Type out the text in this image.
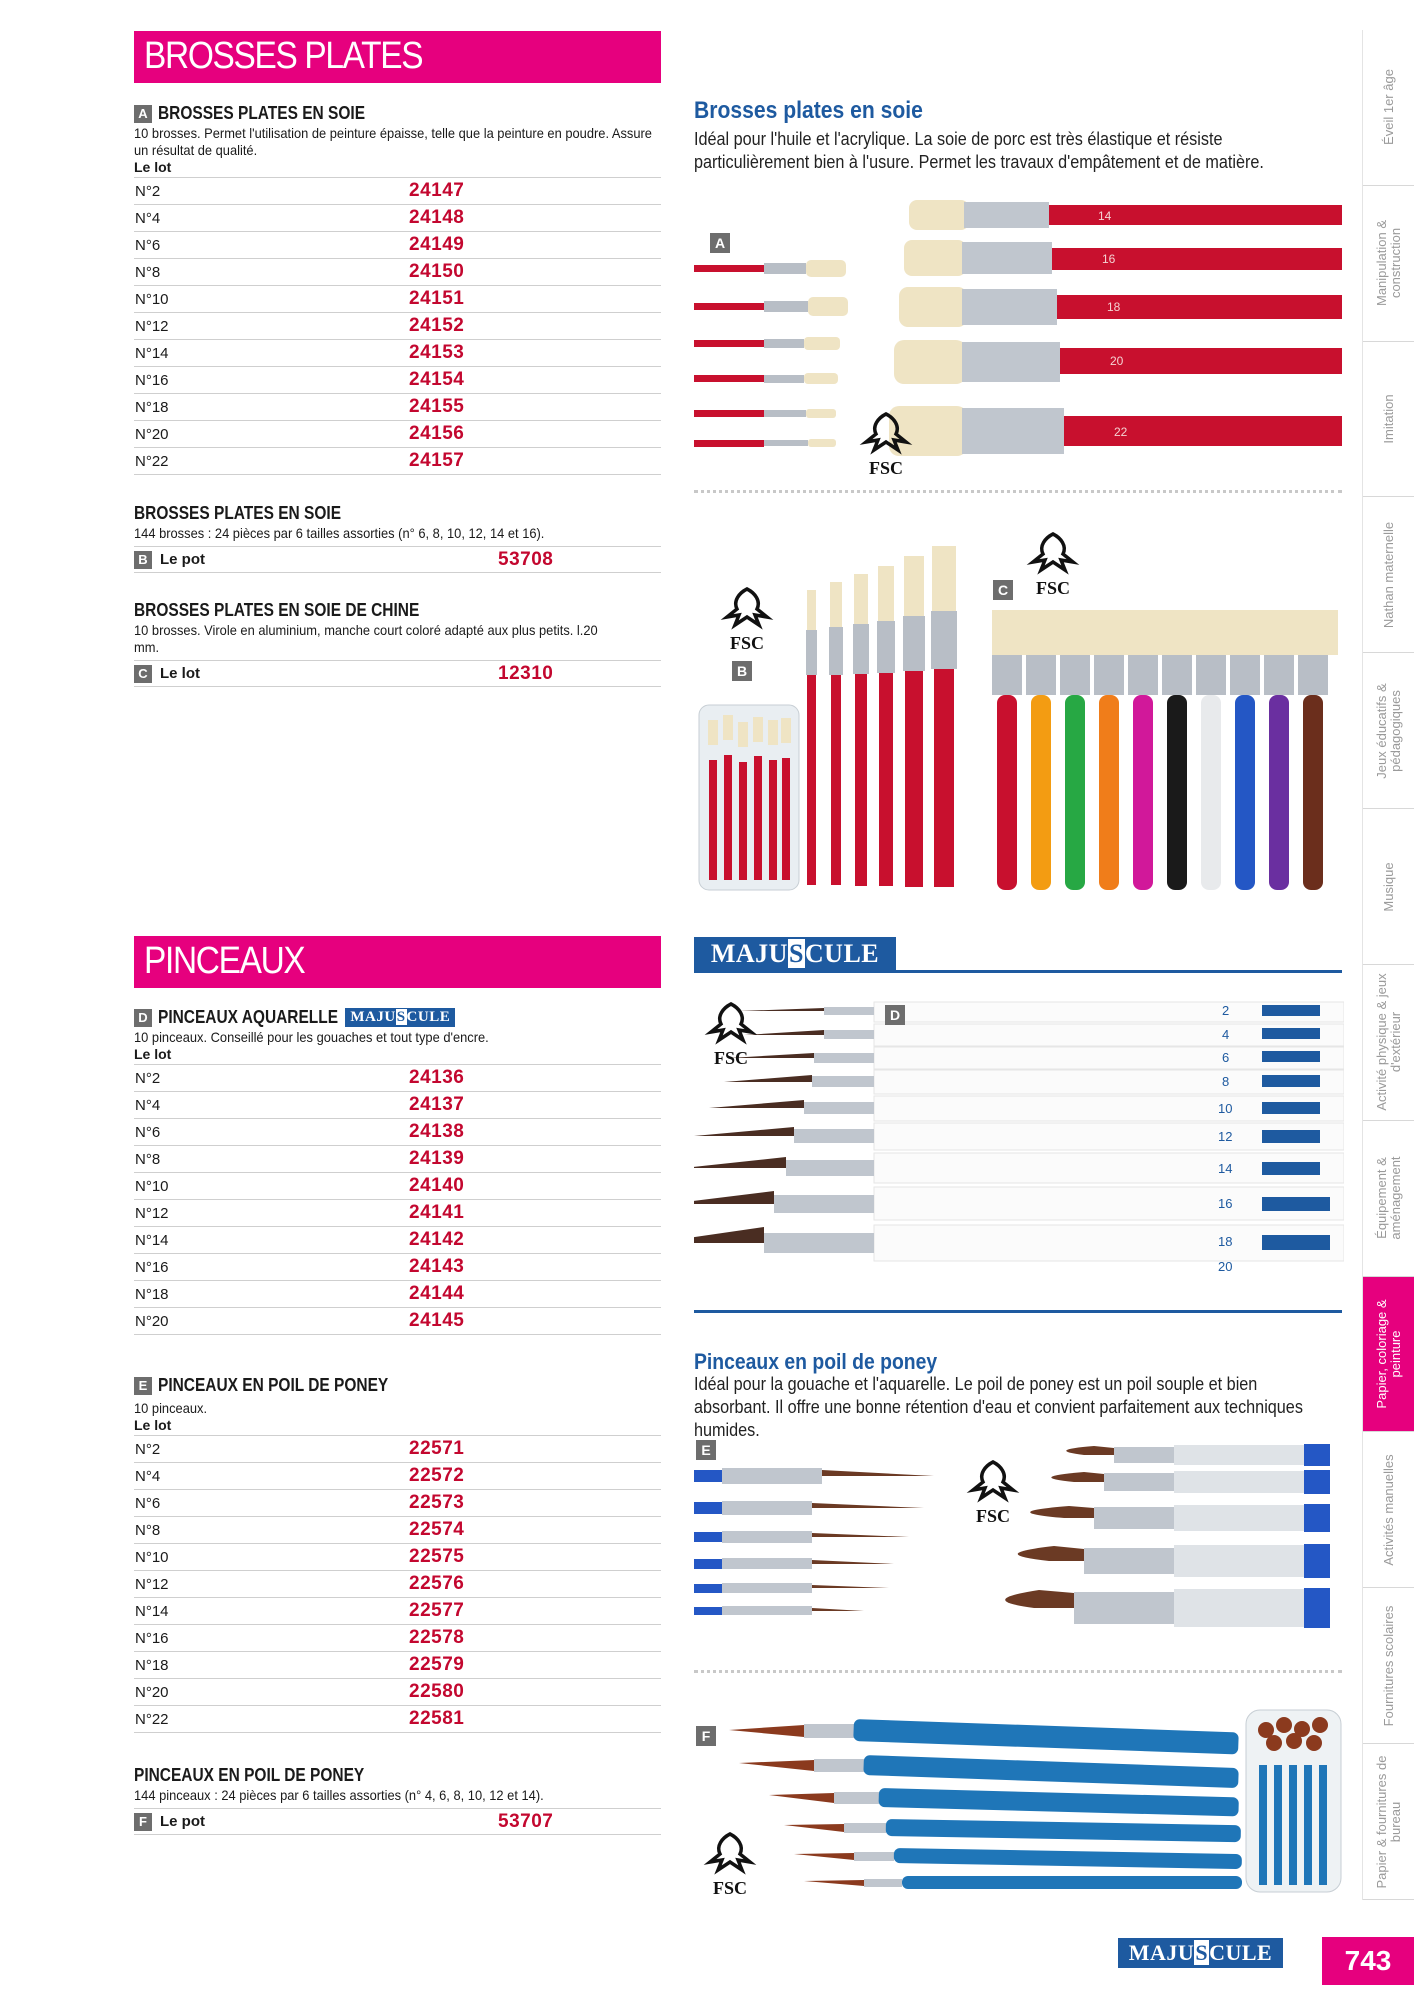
BROSSES PLATES
A BROSSES PLATES EN SOIE
10 brosses. Permet l'utilisation de peinture épaisse, telle que la peinture en poudre. Assure un résultat de qualité.
Le lot
N°2	24147
N°4	24148
N°6	24149
N°8	24150
N°10	24151
N°12	24152
N°14	24153
N°16	24154
N°18	24155
N°20	24156
N°22	24157
BROSSES PLATES EN SOIE
144 brosses : 24 pièces par 6 tailles assorties (n° 6, 8, 10, 12, 14 et 16).
B Le pot	53708
BROSSES PLATES EN SOIE DE CHINE
10 brosses. Virole en aluminium, manche court coloré adapté aux plus petits. l.20 mm.
C Le lot	12310
PINCEAUX
D PINCEAUX AQUARELLE MAJUSCULE
10 pinceaux. Conseillé pour les gouaches et tout type d'encre.
Le lot
N°2	24136
N°4	24137
N°6	24138
N°8	24139
N°10	24140
N°12	24141
N°14	24142
N°16	24143
N°18	24144
N°20	24145
E PINCEAUX EN POIL DE PONEY
10 pinceaux.
Le lot
N°2	22571
N°4	22572
N°6	22573
N°8	22574
N°10	22575
N°12	22576
N°14	22577
N°16	22578
N°18	22579
N°20	22580
N°22	22581
PINCEAUX EN POIL DE PONEY
144 pinceaux : 24 pièces par 6 tailles assorties (n° 4, 6, 8, 10, 12 et 14).
F Le pot	53707
Brosses plates en soie
Idéal pour l'huile et l'acrylique. La soie de porc est très élastique et résiste particulièrement bien à l'usure. Permet les travaux d'empâtement et de matière.
14
16
18
20
22
A
FSC
FSC
B
FSC
C
MAJUSCULE
2
4
6
8
10
12
14
16
18
20
D
FSC
Pinceaux en poil de poney
Idéal pour la gouache et l'aquarelle. Le poil de poney est un poil souple et bien absorbant. Il offre une bonne rétention d'eau et convient parfaitement aux techniques humides.
E
FSC
F
FSC
MAJUSCULE
Éveil 1er âge
Manipulation & construction
Imitation
Nathan maternelle
Jeux éducatifs & pédagogiques
Musique
Activité physique & jeux d'extérieur
Équipement & aménagement
Papier, coloriage & peinture
Activités manuelles
Fournitures scolaires
Papier & fournitures de bureau
743
